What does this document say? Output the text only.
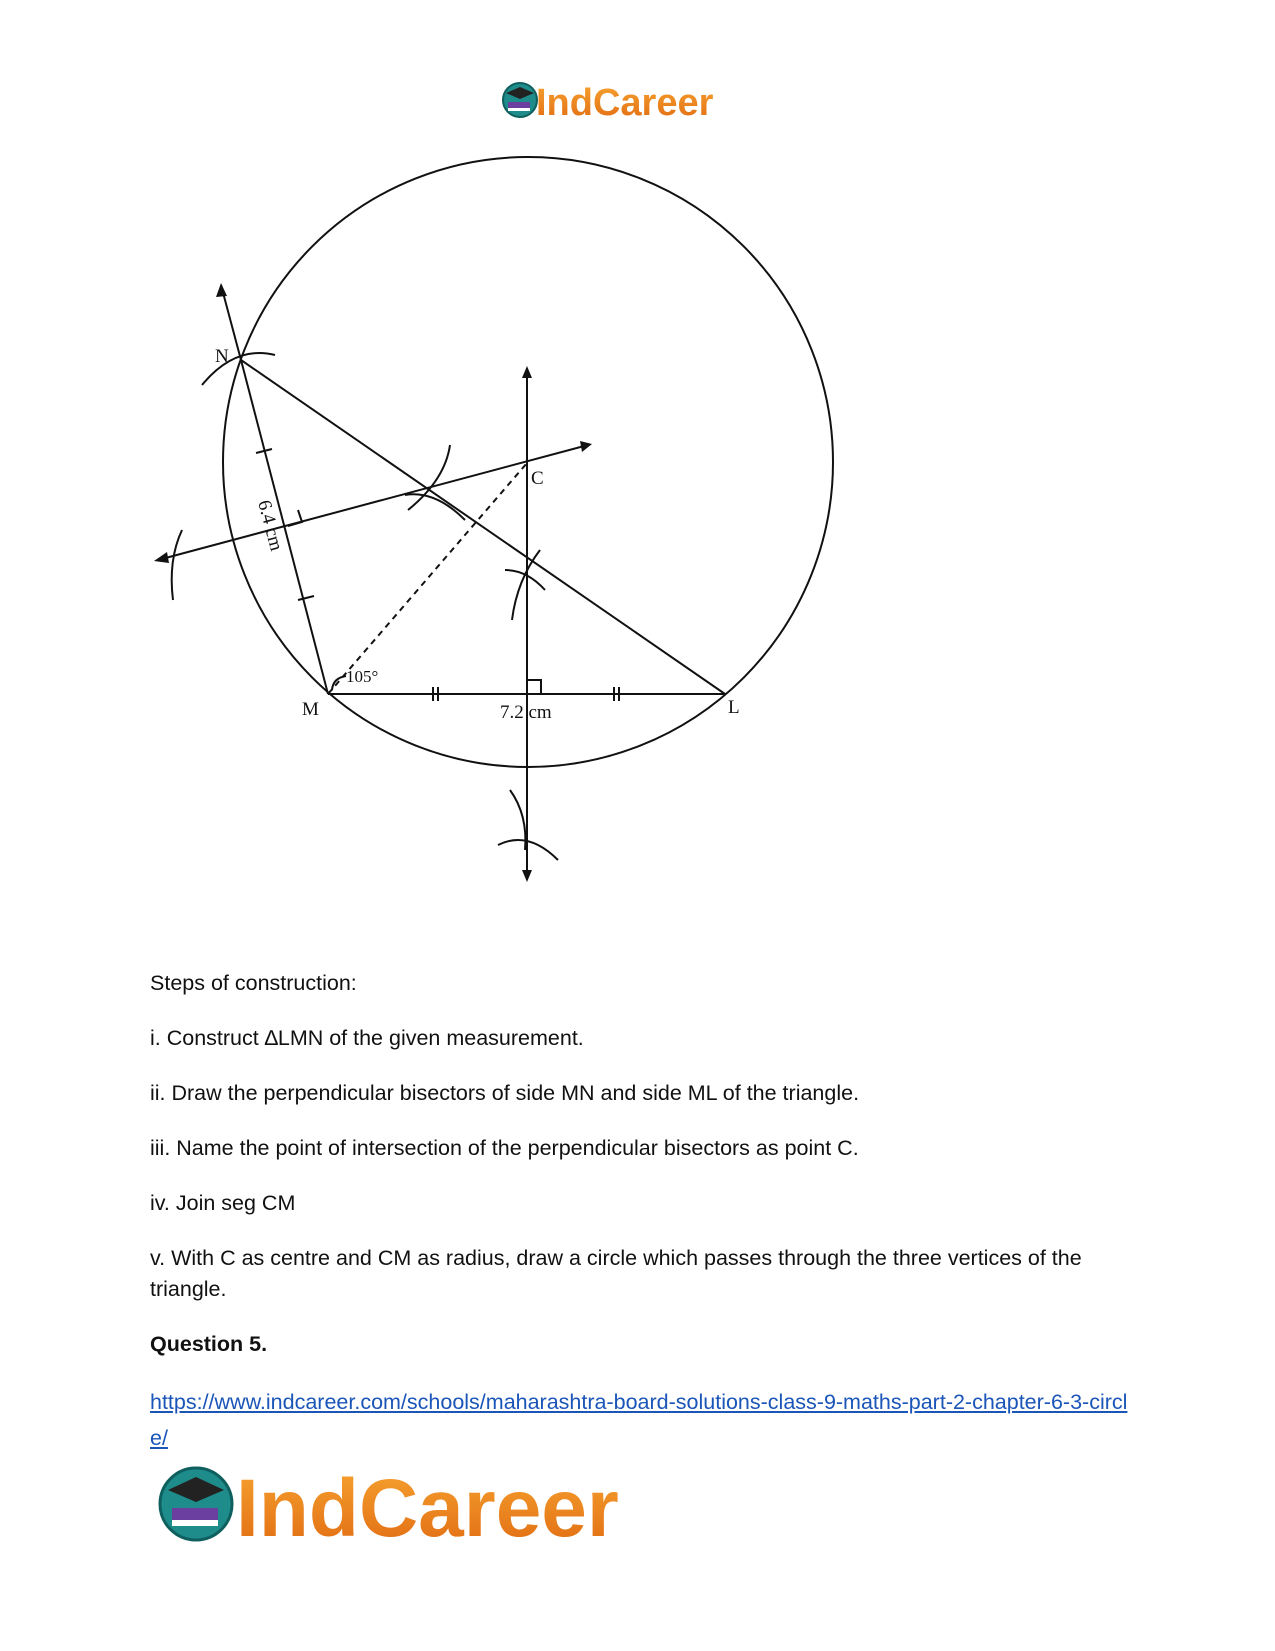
IndCareer
N
M	L
C
105°
7.2 cm
6.4 cm

Steps of construction:

i. Construct ∆LMN of the given measurement.

ii. Draw the perpendicular bisectors of side MN and side ML of the triangle.

iii. Name the point of intersection of the perpendicular bisectors as point C.

iv. Join seg CM

v. With C as centre and CM as radius, draw a circle which passes through the three vertices of the triangle.

Question 5.

https://www.indcareer.com/schools/maharashtra-board-solutions-class-9-maths-part-2-chapter-6-3-circle/
IndCareer
